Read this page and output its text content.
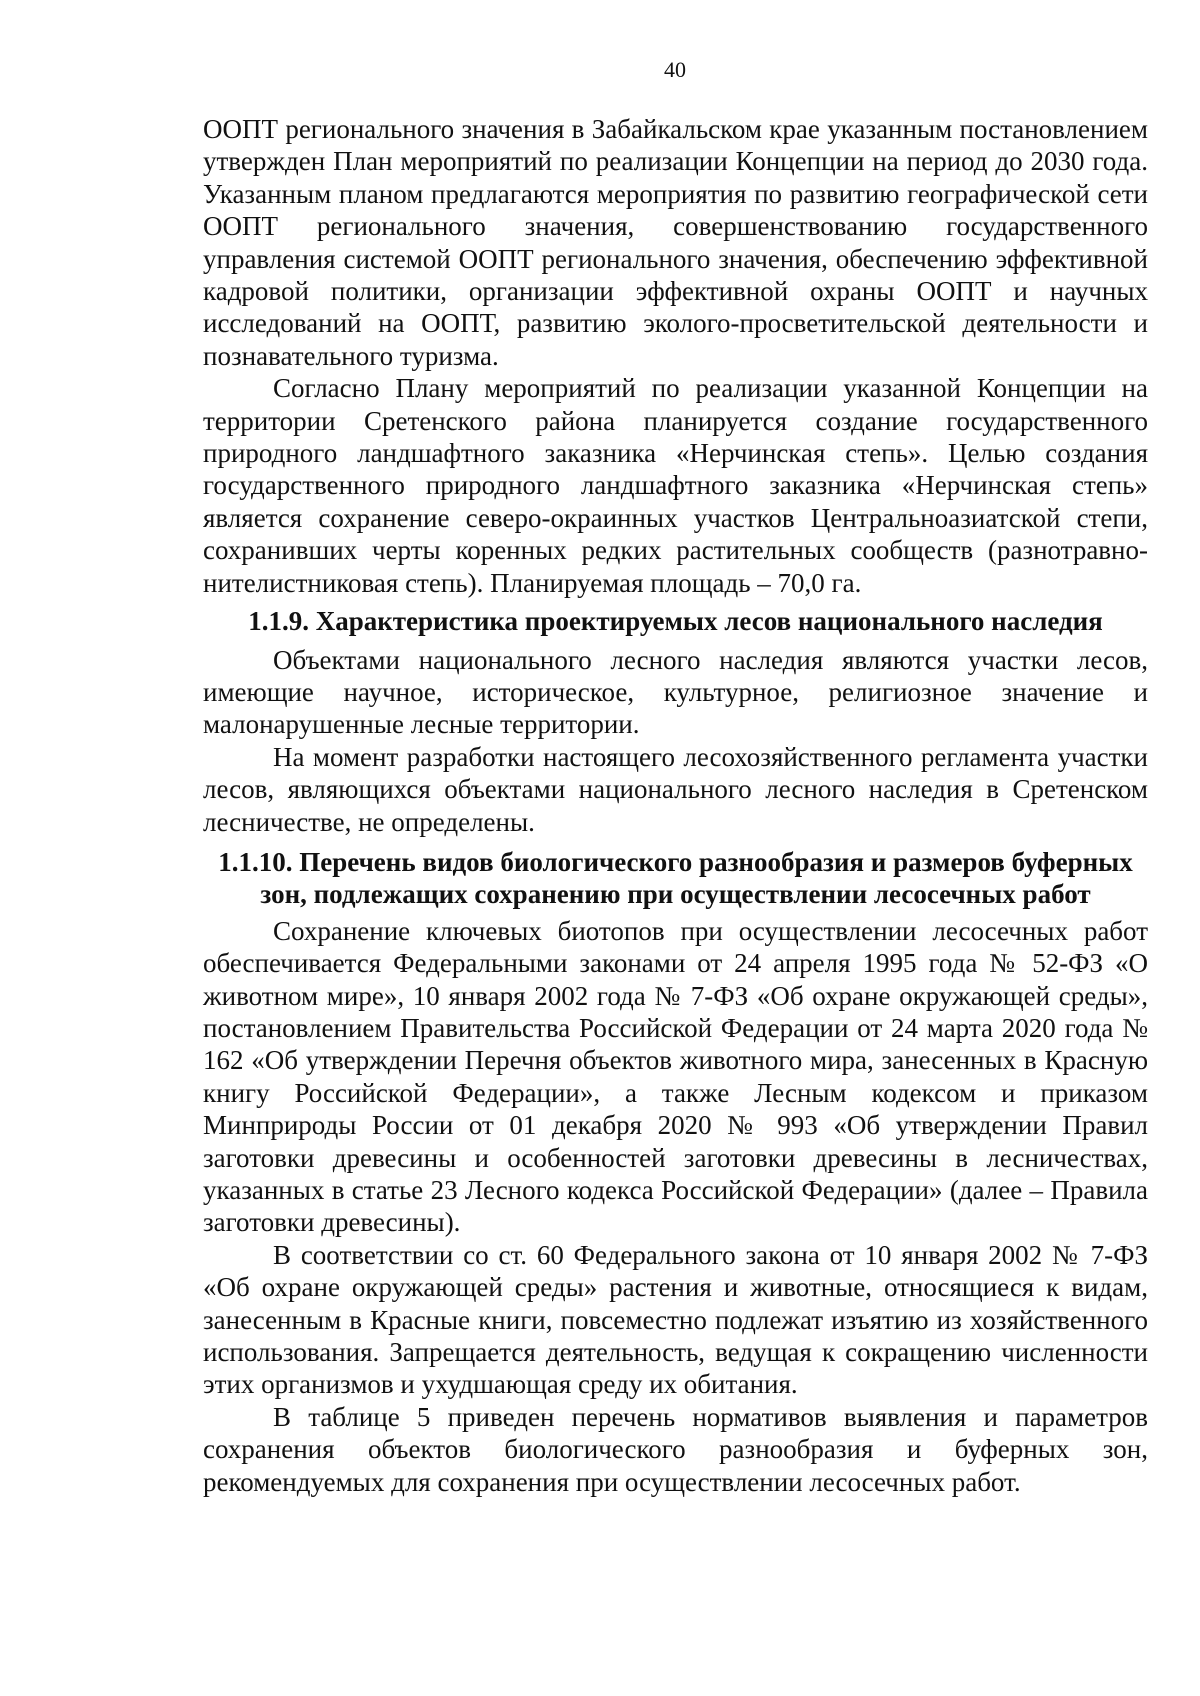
40

ООПТ регионального значения в Забайкальском крае указанным постановлением утвержден План мероприятий по реализации Концепции на период до 2030 года. Указанным планом предлагаются мероприятия по развитию географической сети ООПТ регионального значения, совершенствованию государственного управления системой ООПТ регионального значения, обеспечению эффективной кадровой политики, организации эффективной охраны ООПТ и научных исследований на ООПТ, развитию эколого-просветительской деятельности и познавательного туризма.

Согласно Плану мероприятий по реализации указанной Концепции на территории Сретенского района планируется создание государственного природного ландшафтного заказника «Нерчинская степь». Целью создания государственного природного ландшафтного заказника «Нерчинская степь» является сохранение северо-окраинных участков Центральноазиатской степи, сохранивших черты коренных редких растительных сообществ (разнотравно-нителистниковая степь). Планируемая площадь – 70,0 га.

1.1.9. Характеристика проектируемых лесов национального наследия

Объектами национального лесного наследия являются участки лесов, имеющие научное, историческое, культурное, религиозное значение и малонарушенные лесные территории.

На момент разработки настоящего лесохозяйственного регламента участки лесов, являющихся объектами национального лесного наследия в Сретенском лесничестве, не определены.

1.1.10. Перечень видов биологического разнообразия и размеров буферных зон, подлежащих сохранению при осуществлении лесосечных работ

Сохранение ключевых биотопов при осуществлении лесосечных работ обеспечивается Федеральными законами от 24 апреля 1995 года № 52-ФЗ «О животном мире», 10 января 2002 года № 7-ФЗ «Об охране окружающей среды», постановлением Правительства Российской Федерации от 24 марта 2020 года № 162 «Об утверждении Перечня объектов животного мира, занесенных в Красную книгу Российской Федерации», а также Лесным кодексом и приказом Минприроды России от 01 декабря 2020 № 993 «Об утверждении Правил заготовки древесины и особенностей заготовки древесины в лесничествах, указанных в статье 23 Лесного кодекса Российской Федерации» (далее – Правила заготовки древесины).

В соответствии со ст. 60 Федерального закона от 10 января 2002 № 7-ФЗ «Об охране окружающей среды» растения и животные, относящиеся к видам, занесенным в Красные книги, повсеместно подлежат изъятию из хозяйственного использования. Запрещается деятельность, ведущая к сокращению численности этих организмов и ухудшающая среду их обитания.

В таблице 5 приведен перечень нормативов выявления и параметров сохранения объектов биологического разнообразия и буферных зон, рекомендуемых для сохранения при осуществлении лесосечных работ.
